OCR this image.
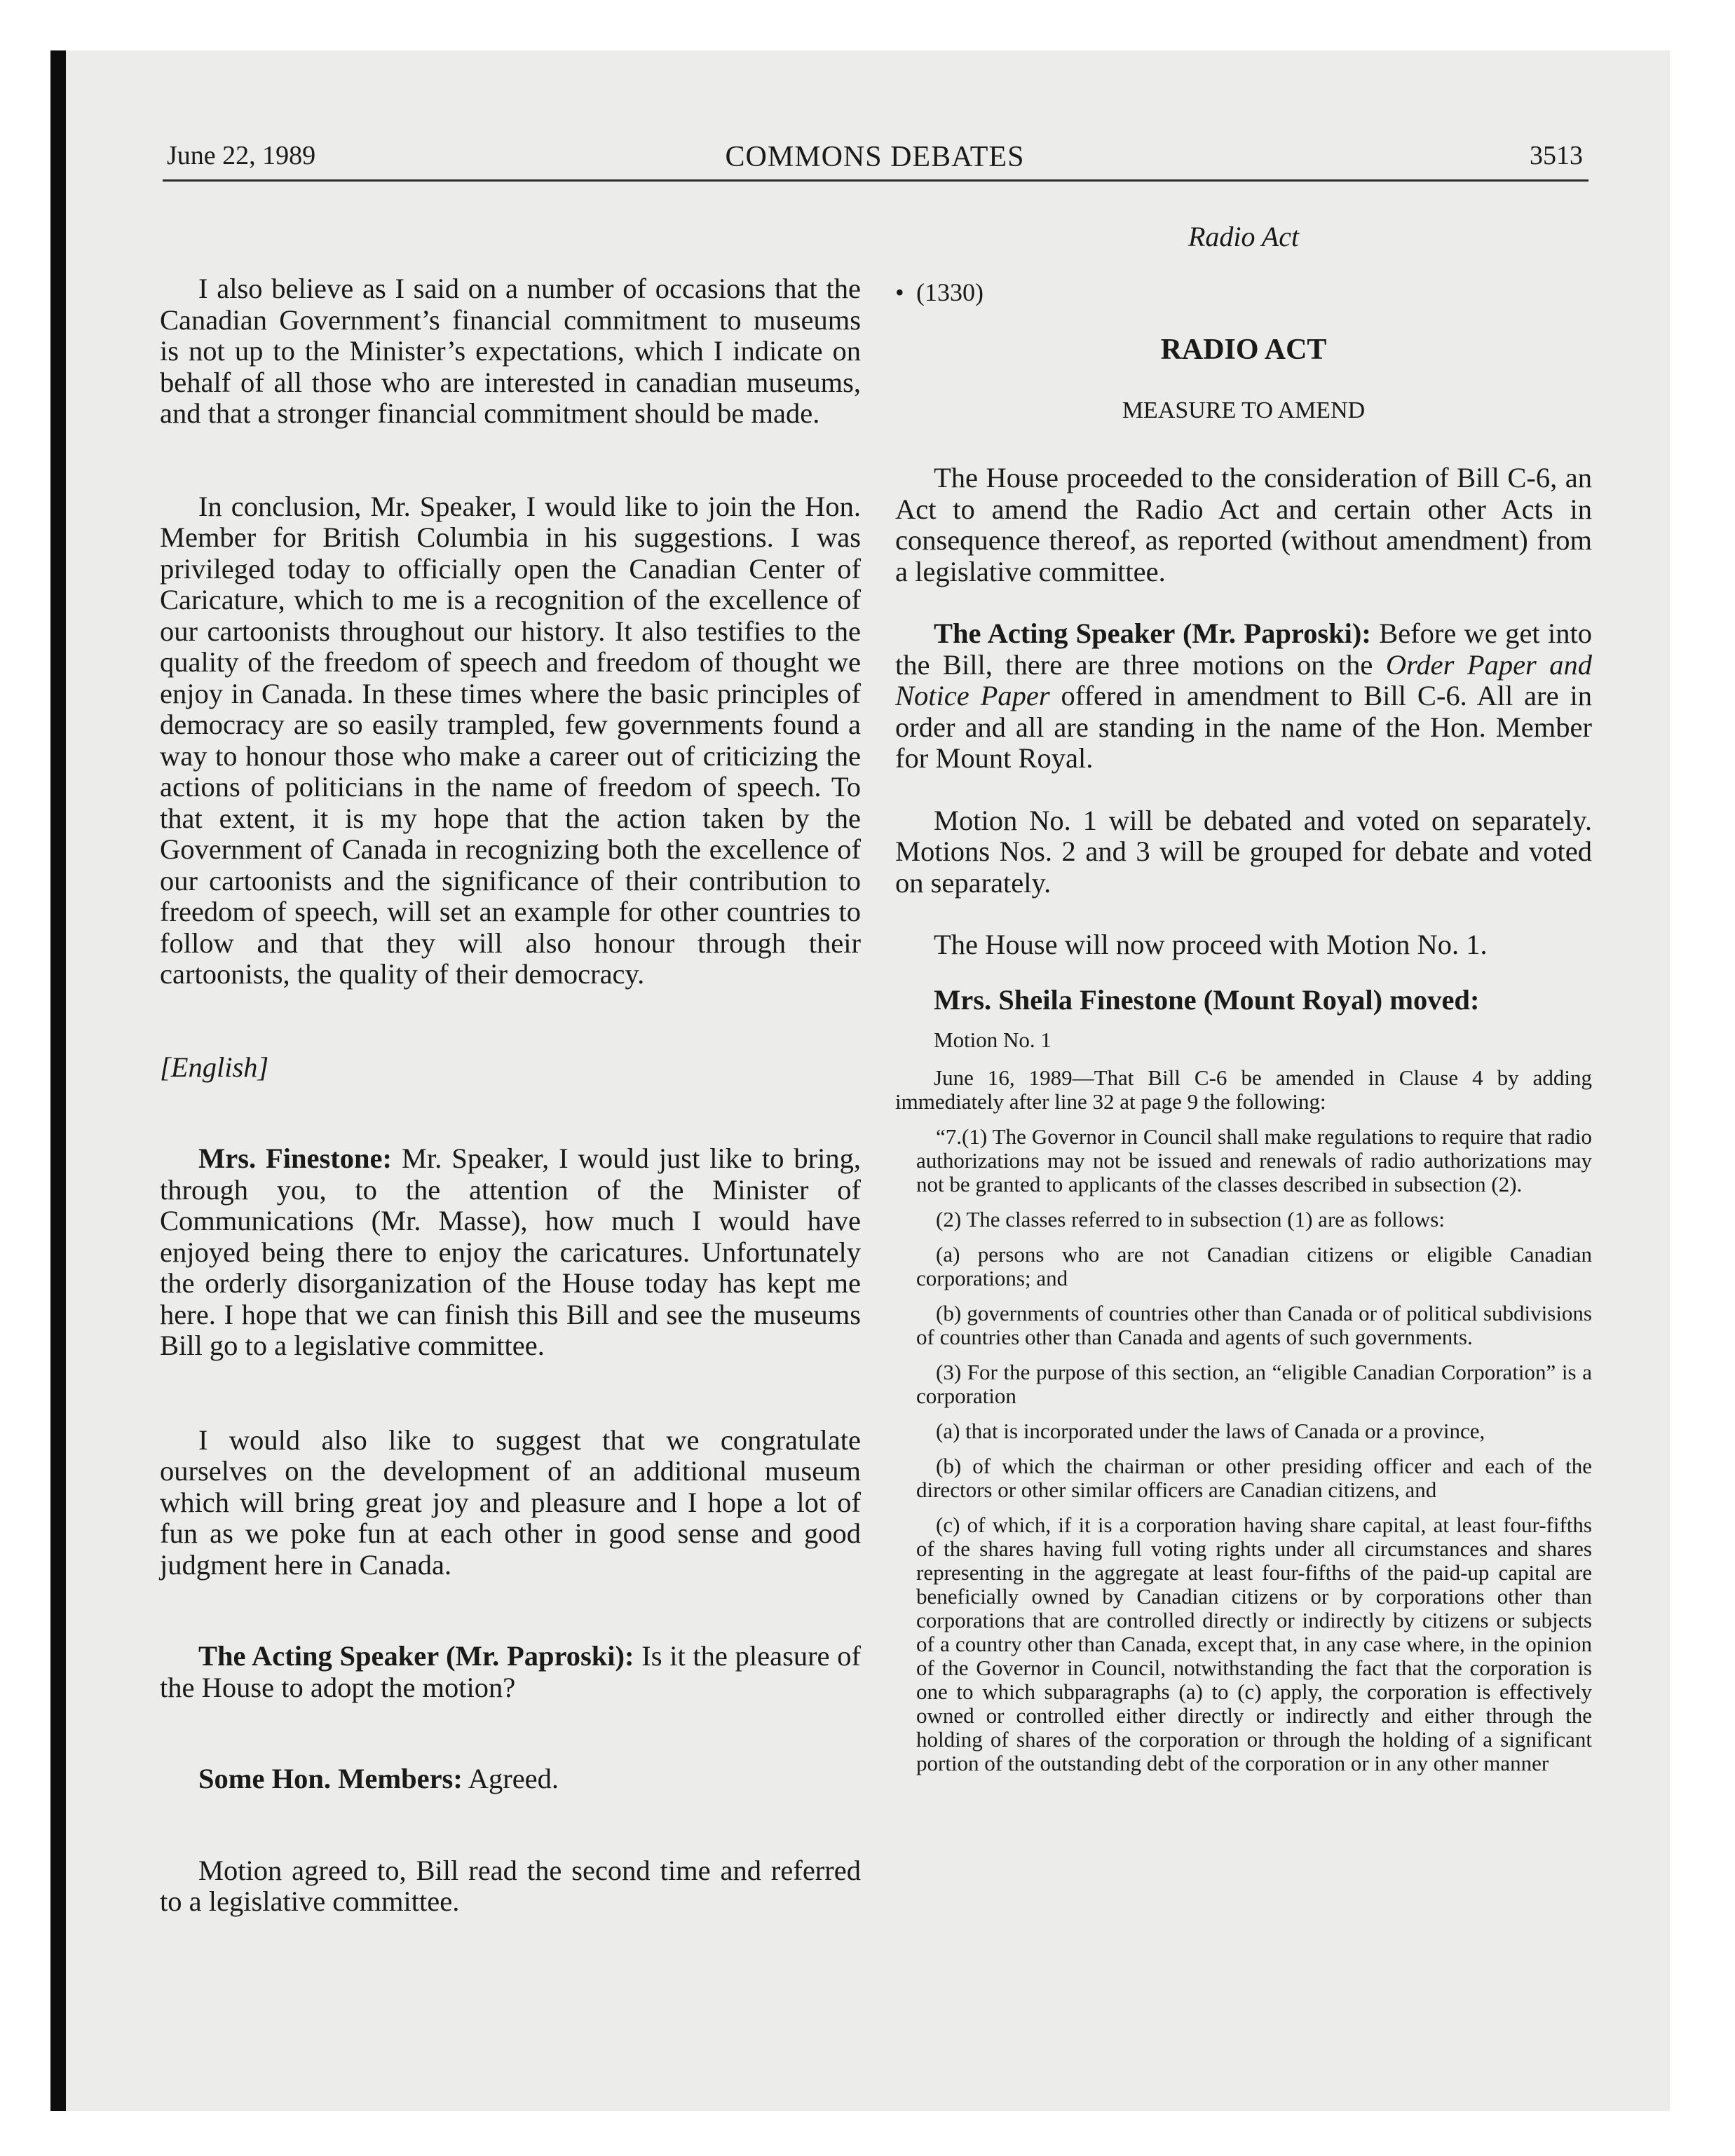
June 22, 1989	COMMONS DEBATES	3513

I also believe as I said on a number of occasions that the Canadian Government’s financial commitment to museums is not up to the Minister’s expectations, which I indicate on behalf of all those who are interested in canadian museums, and that a stronger financial commitment should be made.

In conclusion, Mr. Speaker, I would like to join the Hon. Member for British Columbia in his suggestions. I was privileged today to officially open the Canadian Center of Caricature, which to me is a recognition of the excellence of our cartoonists throughout our history. It also testifies to the quality of the freedom of speech and freedom of thought we enjoy in Canada. In these times where the basic principles of democracy are so easily trampled, few governments found a way to honour those who make a career out of criticizing the actions of politicians in the name of freedom of speech. To that extent, it is my hope that the action taken by the Government of Canada in recognizing both the excellence of our cartoonists and the significance of their contribution to freedom of speech, will set an example for other countries to follow and that they will also honour through their cartoonists, the quality of their democracy.

[English]

Mrs. Finestone: Mr. Speaker, I would just like to bring, through you, to the attention of the Minister of Communications (Mr. Masse), how much I would have enjoyed being there to enjoy the caricatures. Unfortunately the orderly disorganization of the House today has kept me here. I hope that we can finish this Bill and see the museums Bill go to a legislative committee.

I would also like to suggest that we congratulate ourselves on the development of an additional museum which will bring great joy and pleasure and I hope a lot of fun as we poke fun at each other in good sense and good judgment here in Canada.

The Acting Speaker (Mr. Paproski): Is it the pleasure of the House to adopt the motion?

Some Hon. Members: Agreed.

Motion agreed to, Bill read the second time and referred to a legislative committee.

Radio Act

• (1330)

RADIO ACT

MEASURE TO AMEND

The House proceeded to the consideration of Bill C-6, an Act to amend the Radio Act and certain other Acts in consequence thereof, as reported (without amendment) from a legislative committee.

The Acting Speaker (Mr. Paproski): Before we get into the Bill, there are three motions on the Order Paper and Notice Paper offered in amendment to Bill C-6. All are in order and all are standing in the name of the Hon. Member for Mount Royal.

Motion No. 1 will be debated and voted on separately. Motions Nos. 2 and 3 will be grouped for debate and voted on separately.

The House will now proceed with Motion No. 1.

Mrs. Sheila Finestone (Mount Royal) moved:

Motion No. 1

June 16, 1989—That Bill C-6 be amended in Clause 4 by adding immediately after line 32 at page 9 the following:

“7.(1) The Governor in Council shall make regulations to require that radio authorizations may not be issued and renewals of radio authorizations may not be granted to applicants of the classes described in subsection (2).

(2) The classes referred to in subsection (1) are as follows:

(a) persons who are not Canadian citizens or eligible Canadian corporations; and

(b) governments of countries other than Canada or of political subdivisions of countries other than Canada and agents of such governments.

(3) For the purpose of this section, an “eligible Canadian Corporation” is a corporation

(a) that is incorporated under the laws of Canada or a province,

(b) of which the chairman or other presiding officer and each of the directors or other similar officers are Canadian citizens, and

(c) of which, if it is a corporation having share capital, at least four-fifths of the shares having full voting rights under all circumstances and shares representing in the aggregate at least four-fifths of the paid-up capital are beneficially owned by Canadian citizens or by corporations other than corporations that are controlled directly or indirectly by citizens or subjects of a country other than Canada, except that, in any case where, in the opinion of the Governor in Council, notwithstanding the fact that the corporation is one to which subparagraphs (a) to (c) apply, the corporation is effectively owned or controlled either directly or indirectly and either through the holding of shares of the corporation or through the holding of a significant portion of the outstanding debt of the corporation or in any other manner
